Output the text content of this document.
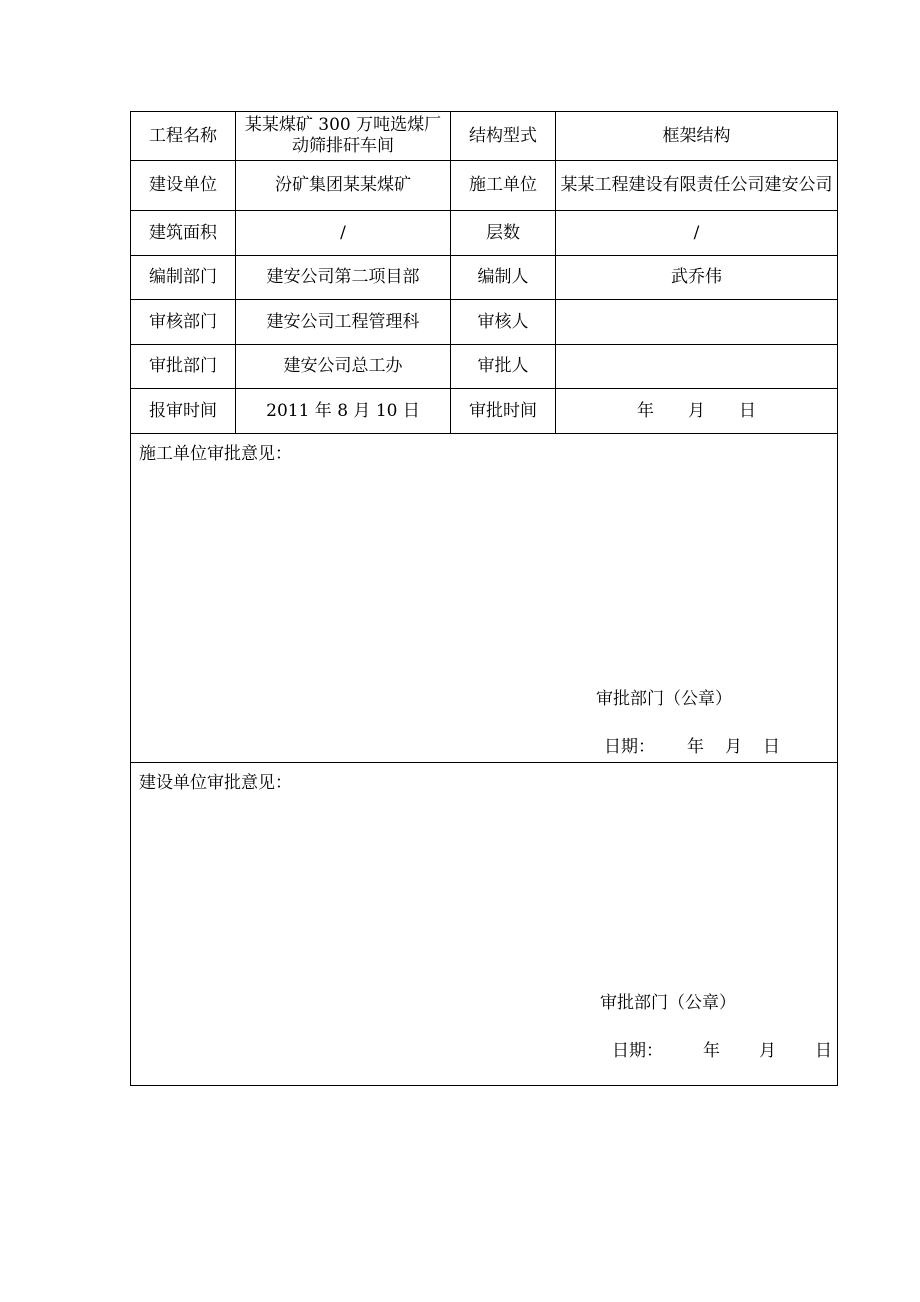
工程名称	某某煤矿 300 万吨选煤厂动筛排矸车间	结构型式	框架结构
建设单位	汾矿集团某某煤矿	施工单位	某某工程建设有限责任公司建安公司
建筑面积	/	层数	/
编制部门	建安公司第二项目部	编制人	武乔伟
审核部门	建安公司工程管理科	审核人	
审批部门	建安公司总工办	审批人	
报审时间	2011 年 8 月 10 日	审批时间	年　　月　　日

施工单位审批意见：
审批部门（公章）
日期： 年 月 日			

建设单位审批意见：
审批部门（公章）
日期： 年 月 日			
